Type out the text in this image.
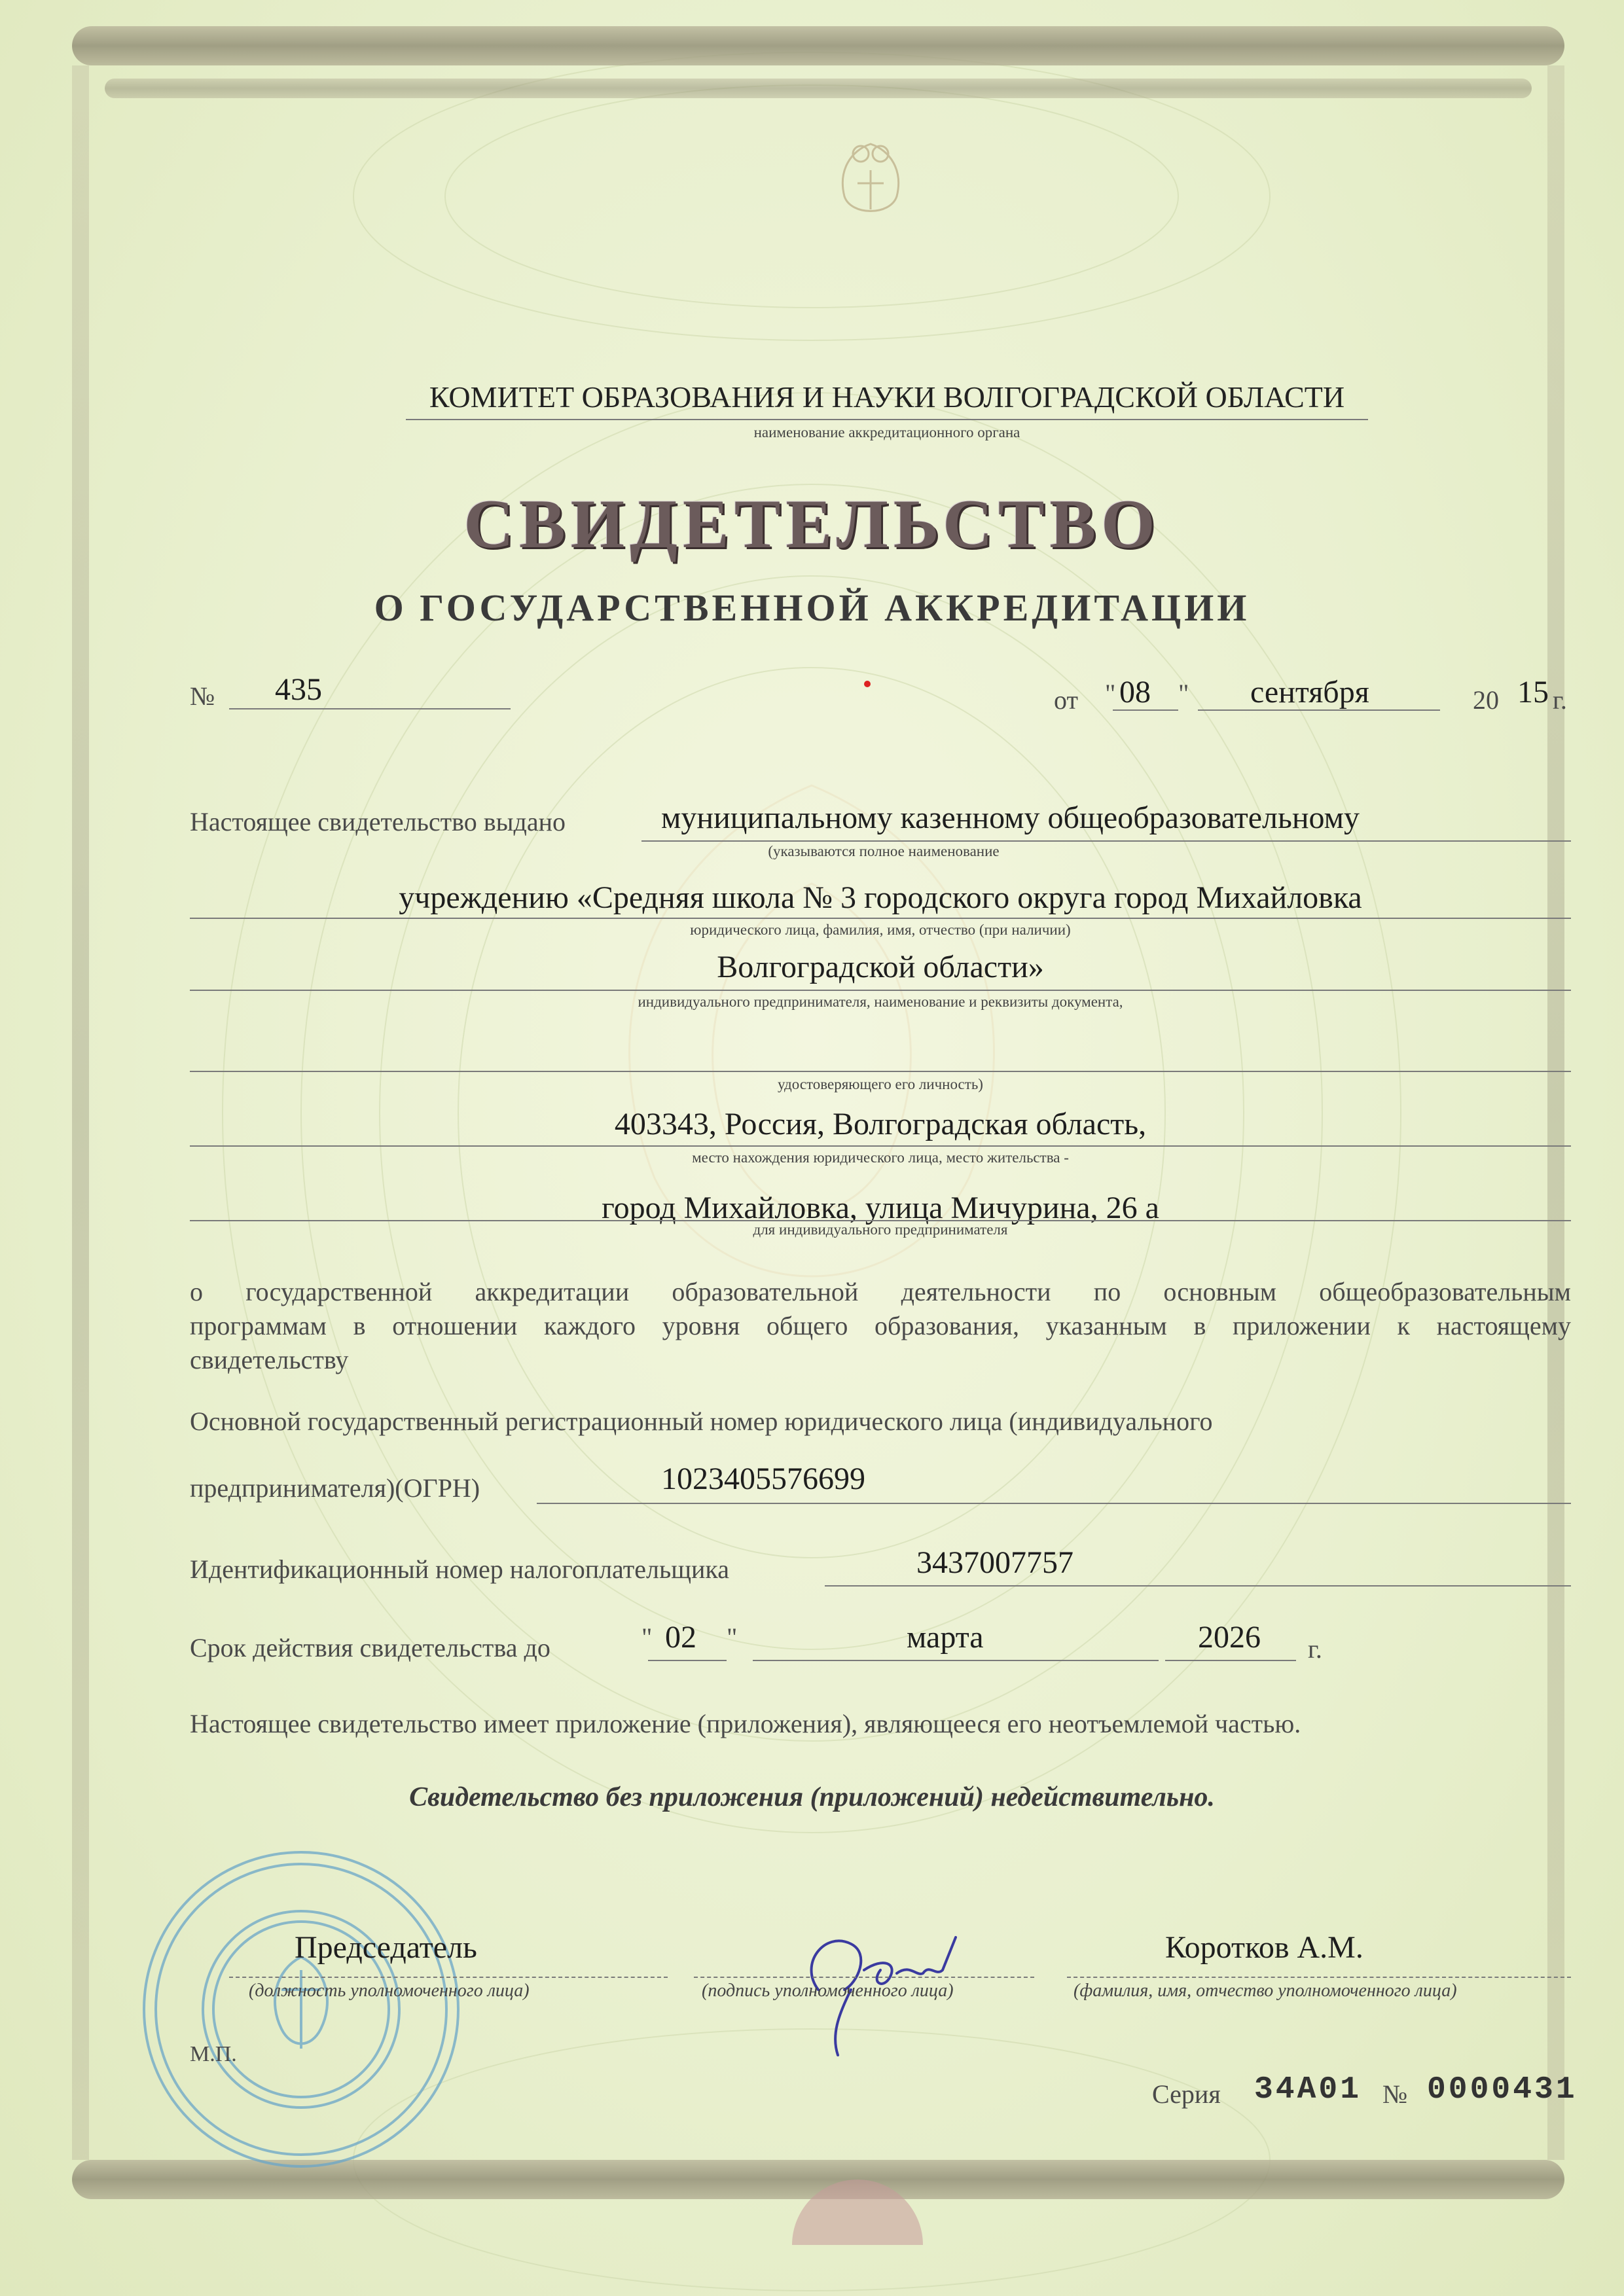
КОМИТЕТ ОБРАЗОВАНИЯ И НАУКИ ВОЛГОГРАДСКОЙ ОБЛАСТИ
наименование аккредитационного органа
СВИДЕТЕЛЬСТВО
О ГОСУДАРСТВЕННОЙ АККРЕДИТАЦИИ
№ 435	от " 08 " сентября	20 15 г.
Настоящее свидетельство выдано	муниципальному казенному общеобразовательному
(указываются полное наименование
учреждению «Средняя школа № 3 городского округа город Михайловка
юридического лица, фамилия, имя, отчество (при наличии)
Волгоградской области»
индивидуального предпринимателя, наименование и реквизиты документа,
удостоверяющего его личность)
403343, Россия, Волгоградская область,
место нахождения юридического лица, место жительства -
город Михайловка, улица Мичурина, 26 а
для индивидуального предпринимателя
о государственной аккредитации образовательной деятельности по основным общеобразовательным
программам в отношении каждого уровня общего образования, указанным в приложении к настоящему
свидетельству
Основной государственный регистрационный номер юридического лица (индивидуального
предпринимателя)(ОГРН)	1023405576699
Идентификационный номер налогоплательщика	3437007757
Срок действия свидетельства до	" 02 "	марта	2026 г.
Настоящее свидетельство имеет приложение (приложения), являющееся его неотъемлемой частью.
Свидетельство без приложения (приложений) недействительно.
Председатель
(должность уполномоченного лица)	(подпись уполномоченного лица)
Коротков А.М.
(фамилия, имя, отчество уполномоченного лица)
М.П.
Серия 34А01 № 0000431
